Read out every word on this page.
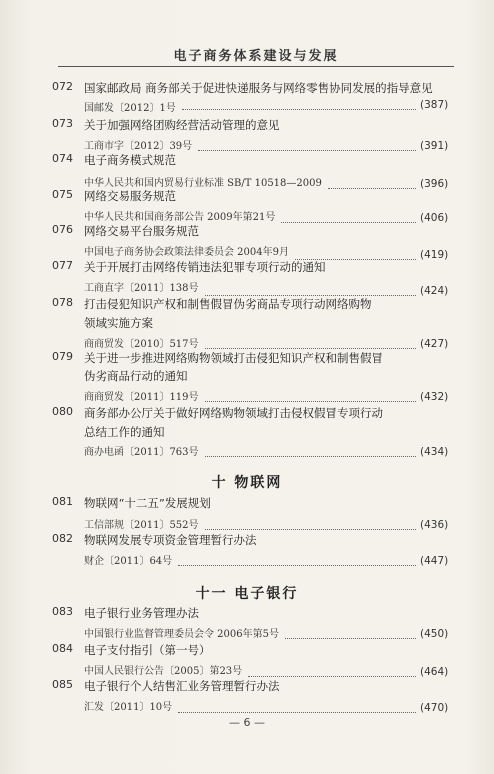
电子商务体系建设与发展
072 国家邮政局 商务部关于促进快递服务与网络零售协同发展的指导意见
国邮发〔2012〕1号	(387)
073 关于加强网络团购经营活动管理的意见
工商市字〔2012〕39号	(391)
074 电子商务模式规范
中华人民共和国内贸易行业标准 SB/T 10518—2009	(396)
075 网络交易服务规范
中华人民共和国商务部公告 2009年第21号	(406)
076 网络交易平台服务规范
中国电子商务协会政策法律委员会 2004年9月	(419)
077 关于开展打击网络传销违法犯罪专项行动的通知
工商直字〔2011〕138号	(424)
078 打击侵犯知识产权和制售假冒伪劣商品专项行动网络购物
领域实施方案
商商贸发〔2010〕517号	(427)
079 关于进一步推进网络购物领域打击侵犯知识产权和制售假冒
伪劣商品行动的通知
商商贸发〔2011〕119号	(432)
080 商务部办公厅关于做好网络购物领域打击侵权假冒专项行动
总结工作的通知
商办电函〔2011〕763号	(434)
081 物联网“十二五”发展规划
工信部规〔2011〕552号	(436)
082 物联网发展专项资金管理暂行办法
财企〔2011〕64号	(447)
083 电子银行业务管理办法
中国银行业监督管理委员会令 2006年第5号	(450)
084 电子支付指引（第一号）
中国人民银行公告〔2005〕第23号	(464)
085 电子银行个人结售汇业务管理暂行办法
汇发〔2011〕10号	(470)
十 物联网
十一 电子银行
— 6 —
